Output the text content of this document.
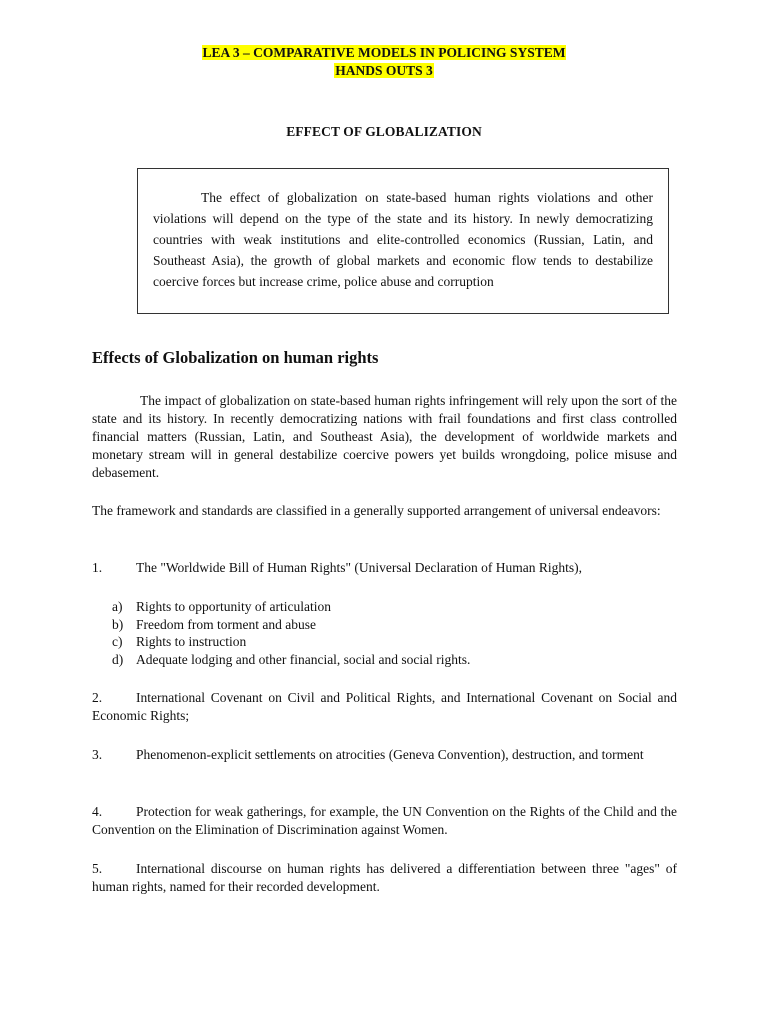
LEA 3 – COMPARATIVE MODELS IN POLICING SYSTEM
HANDS OUTS 3
EFFECT OF GLOBALIZATION
The effect of globalization on state-based human rights violations and other violations will depend on the type of the state and its history. In newly democratizing countries with weak institutions and elite-controlled economics (Russian, Latin, and Southeast Asia), the growth of global markets and economic flow tends to destabilize coercive forces but increase crime, police abuse and corruption
Effects of Globalization on human rights
The impact of globalization on state-based human rights infringement will rely upon the sort of the state and its history. In recently democratizing nations with frail foundations and first class controlled financial matters (Russian, Latin, and Southeast Asia), the development of worldwide markets and monetary stream will in general destabilize coercive powers yet builds wrongdoing, police misuse and debasement.
The framework and standards are classified in a generally supported arrangement of universal endeavors:
1.	The "Worldwide Bill of Human Rights" (Universal Declaration of Human Rights),
a)	Rights to opportunity of articulation
b) Freedom from torment and abuse
c)	Rights to instruction
d) Adequate lodging and other financial, social and social rights.
2.	International Covenant on Civil and Political Rights, and International Covenant on Social and Economic Rights;
3.	Phenomenon-explicit settlements on atrocities (Geneva Convention), destruction, and torment
4.	Protection for weak gatherings, for example, the UN Convention on the Rights of the Child and the Convention on the Elimination of Discrimination against Women.
5.	International discourse on human rights has delivered a differentiation between three "ages" of human rights, named for their recorded development.
